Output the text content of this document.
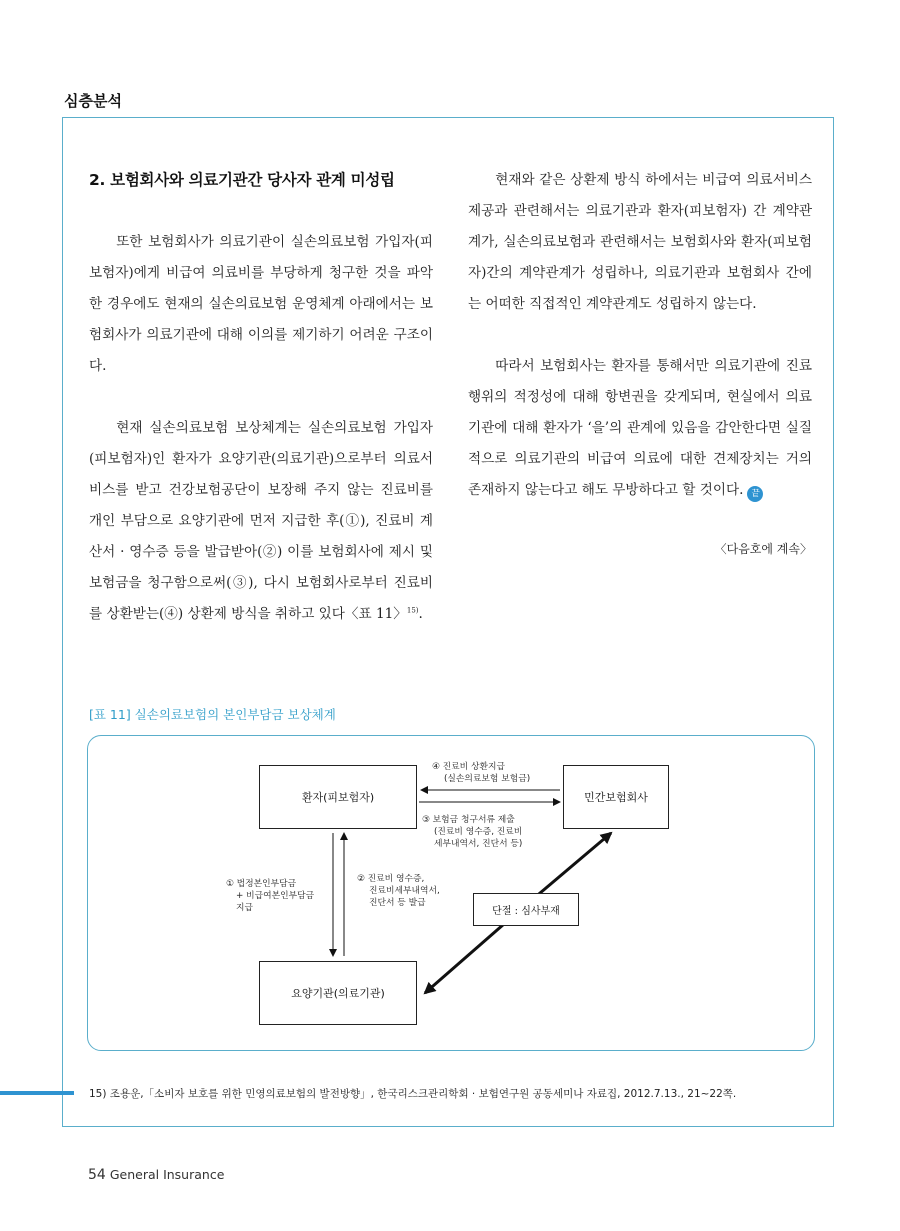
심층분석
2. 보험회사와 의료기관간 당사자 관계 미성립

또한 보험회사가 의료기관이 실손의료보험 가입자(피보험자)에게 비급여 의료비를 부당하게 청구한 것을 파악한 경우에도 현재의 실손의료보험 운영체계 아래에서는 보험회사가 의료기관에 대해 이의를 제기하기 어려운 구조이다.

현재 실손의료보험 보상체계는 실손의료보험 가입자(피보험자)인 환자가 요양기관(의료기관)으로부터 의료서비스를 받고 건강보험공단이 보장해 주지 않는 진료비를 개인 부담으로 요양기관에 먼저 지급한 후(①), 진료비 계산서 · 영수증 등을 발급받아(②) 이를 보험회사에 제시 및 보험금을 청구함으로써(③), 다시 보험회사로부터 진료비를 상환받는(④) 상환제 방식을 취하고 있다〈표 11〉$^{15)}$.

현재와 같은 상환제 방식 하에서는 비급여 의료서비스 제공과 관련해서는 의료기관과 환자(피보험자) 간 계약관계가, 실손의료보험과 관련해서는 보험회사와 환자(피보험자)간의 계약관계가 성립하나, 의료기관과 보험회사 간에는 어떠한 직접적인 계약관계도 성립하지 않는다.

따라서 보험회사는 환자를 통해서만 의료기관에 진료행위의 적정성에 대해 항변권을 갖게되며, 현실에서 의료기관에 대해 환자가 ‘을’의 관계에 있음을 감안한다면 실질적으로 의료기관의 비급여 의료에 대한 견제장치는 거의 존재하지 않는다고 해도 무방하다고 할 것이다. 끝

〈다음호에 계속〉

[표 11] 실손의료보험의 본인부담금 보상체계
환자(피보험자)	민간보험회사
요양기관(의료기관)
단절 : 심사부재
④ 진료비 상환지급
(실손의료보험 보험금)
③ 보험금 청구서류 제출
(진료비 영수증, 진료비
세부내역서, 진단서 등)
① 법정본인부담금
+ 비급여본인부담금
지급
② 진료비 영수증,
진료비세부내역서,
진단서 등 발급
15) 조용운,「소비자 보호를 위한 민영의료보험의 발전방향」, 한국리스크관리학회 · 보험연구원 공동세미나 자료집, 2012.7.13., 21~22쪽.
54 General Insurance
